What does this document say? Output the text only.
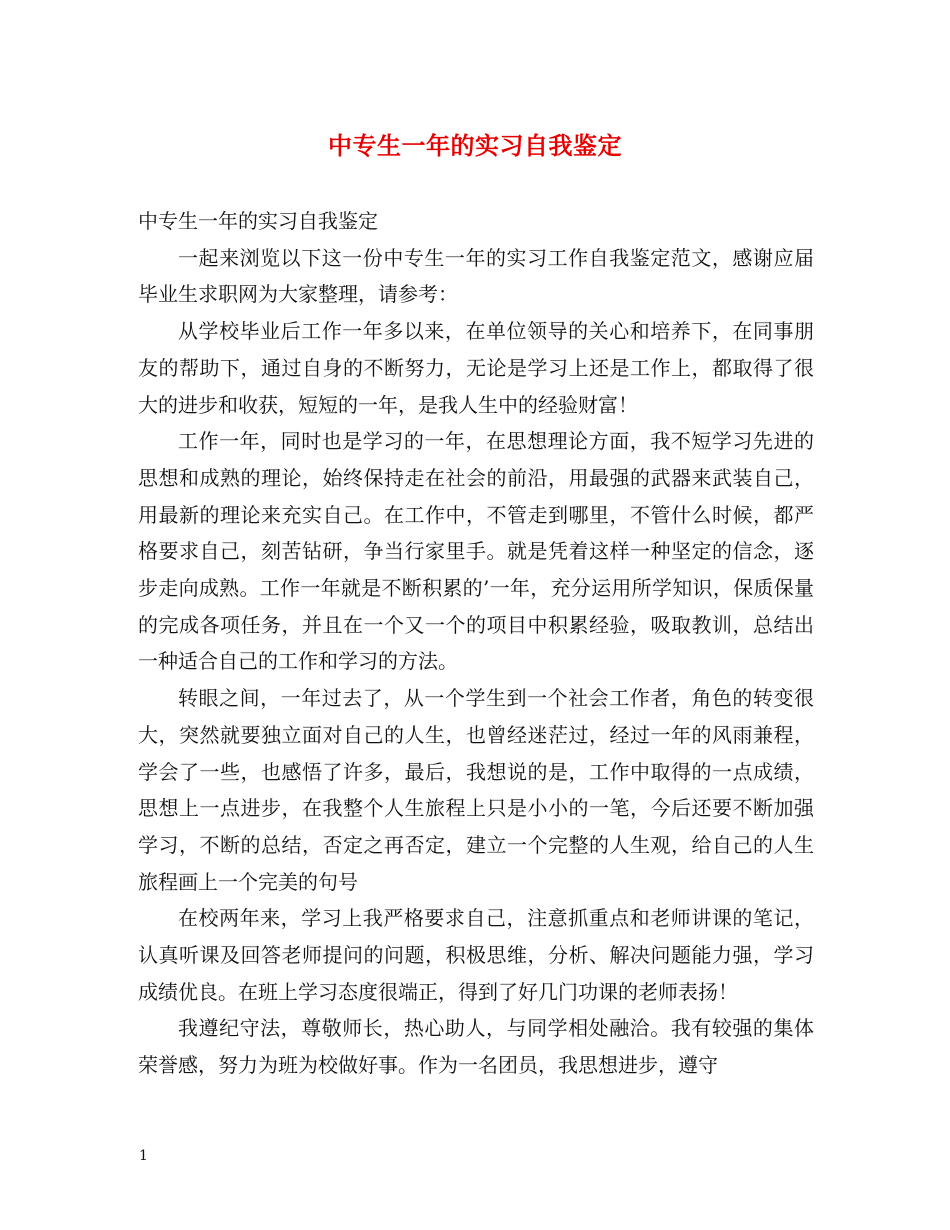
中专生一年的实习自我鉴定

中专生一年的实习自我鉴定

一起来浏览以下这一份中专生一年的实习工作自我鉴定范文，感谢应届毕业生求职网为大家整理，请参考：

从学校毕业后工作一年多以来，在单位领导的关心和培养下，在同事朋友的帮助下，通过自身的不断努力，无论是学习上还是工作上，都取得了很大的进步和收获，短短的一年，是我人生中的经验财富！

工作一年，同时也是学习的一年，在思想理论方面，我不短学习先进的思想和成熟的理论，始终保持走在社会的前沿，用最强的武器来武装自己，用最新的理论来充实自己。在工作中，不管走到哪里，不管什么时候，都严格要求自己，刻苦钻研，争当行家里手。就是凭着这样一种坚定的信念，逐步走向成熟。工作一年就是不断积累的’一年，充分运用所学知识，保质保量的完成各项任务，并且在一个又一个的项目中积累经验，吸取教训，总结出一种适合自己的工作和学习的方法。

转眼之间，一年过去了，从一个学生到一个社会工作者，角色的转变很大，突然就要独立面对自己的人生，也曾经迷茫过，经过一年的风雨兼程，学会了一些，也感悟了许多，最后，我想说的是，工作中取得的一点成绩，思想上一点进步，在我整个人生旅程上只是小小的一笔，今后还要不断加强学习，不断的总结，否定之再否定，建立一个完整的人生观，给自己的人生旅程画上一个完美的句号

在校两年来，学习上我严格要求自己，注意抓重点和老师讲课的笔记，认真听课及回答老师提问的问题，积极思维，分析、解决问题能力强，学习成绩优良。在班上学习态度很端正，得到了好几门功课的老师表扬！

我遵纪守法，尊敬师长，热心助人，与同学相处融洽。我有较强的集体荣誉感，努力为班为校做好事。作为一名团员，我思想进步，遵守

1
